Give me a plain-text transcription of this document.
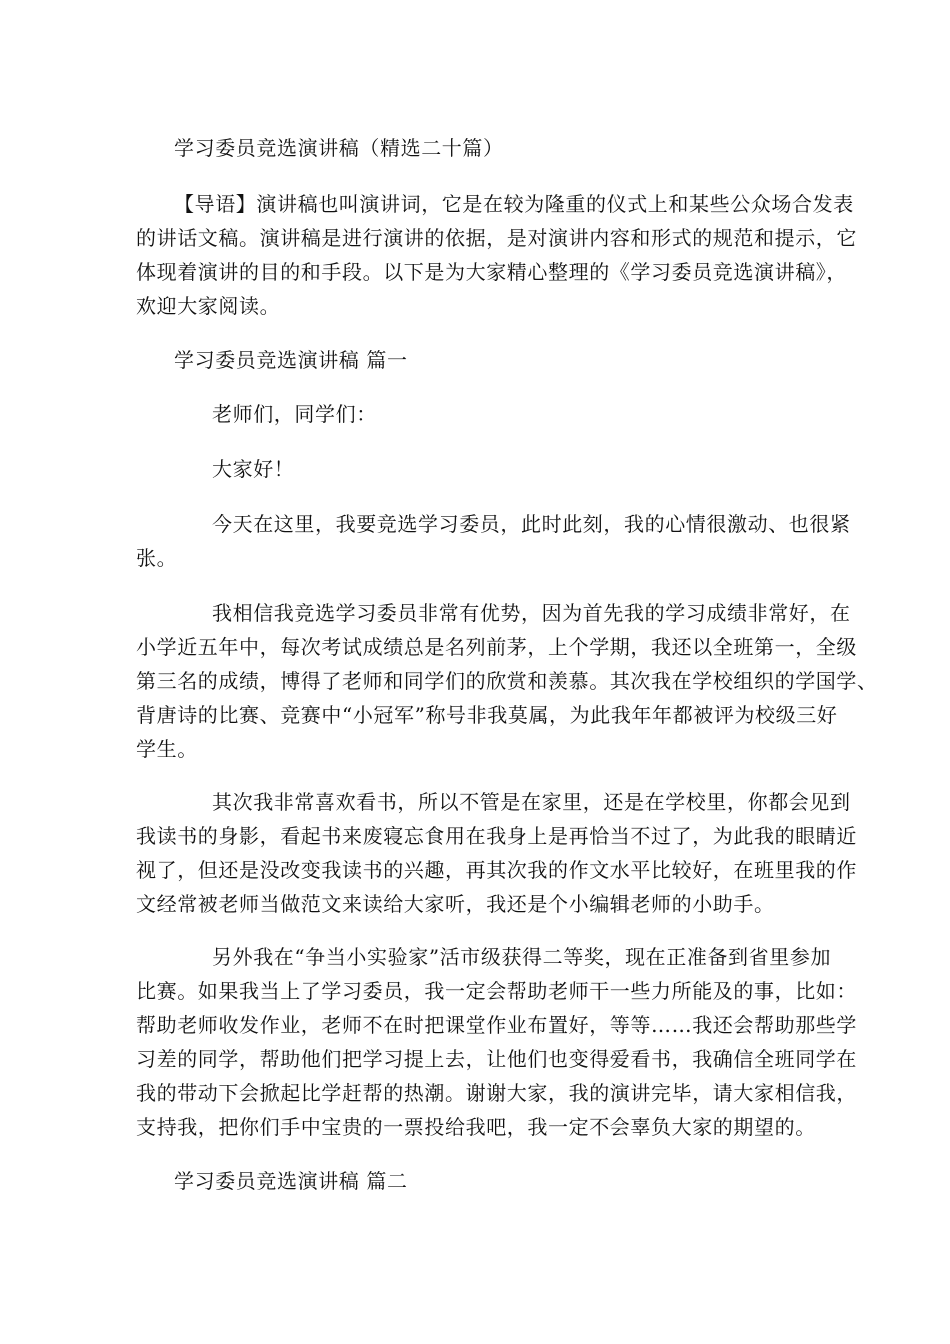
学习委员竞选演讲稿（精选二十篇）
【导语】演讲稿也叫演讲词，它是在较为隆重的仪式上和某些公众场合发表
的讲话文稿。演讲稿是进行演讲的依据，是对演讲内容和形式的规范和提示，它
体现着演讲的目的和手段。以下是为大家精心整理的《学习委员竞选演讲稿》，
欢迎大家阅读。
学习委员竞选演讲稿 篇一
老师们，同学们：
大家好！
今天在这里，我要竞选学习委员，此时此刻，我的心情很激动、也很紧
张。
我相信我竞选学习委员非常有优势，因为首先我的学习成绩非常好，在
小学近五年中，每次考试成绩总是名列前茅，上个学期，我还以全班第一，全级
第三名的成绩，博得了老师和同学们的欣赏和羡慕。其次我在学校组织的学国学、
背唐诗的比赛、竞赛中“小冠军”称号非我莫属，为此我年年都被评为校级三好
学生。
其次我非常喜欢看书，所以不管是在家里，还是在学校里，你都会见到
我读书的身影，看起书来废寝忘食用在我身上是再恰当不过了，为此我的眼睛近
视了，但还是没改变我读书的兴趣，再其次我的作文水平比较好，在班里我的作
文经常被老师当做范文来读给大家听，我还是个小编辑老师的小助手。
另外我在“争当小实验家”活市级获得二等奖，现在正准备到省里参加
比赛。如果我当上了学习委员，我一定会帮助老师干一些力所能及的事，比如：
帮助老师收发作业，老师不在时把课堂作业布置好，等等……我还会帮助那些学
习差的同学，帮助他们把学习提上去，让他们也变得爱看书，我确信全班同学在
我的带动下会掀起比学赶帮的热潮。谢谢大家，我的演讲完毕，请大家相信我，
支持我，把你们手中宝贵的一票投给我吧，我一定不会辜负大家的期望的。
学习委员竞选演讲稿 篇二
